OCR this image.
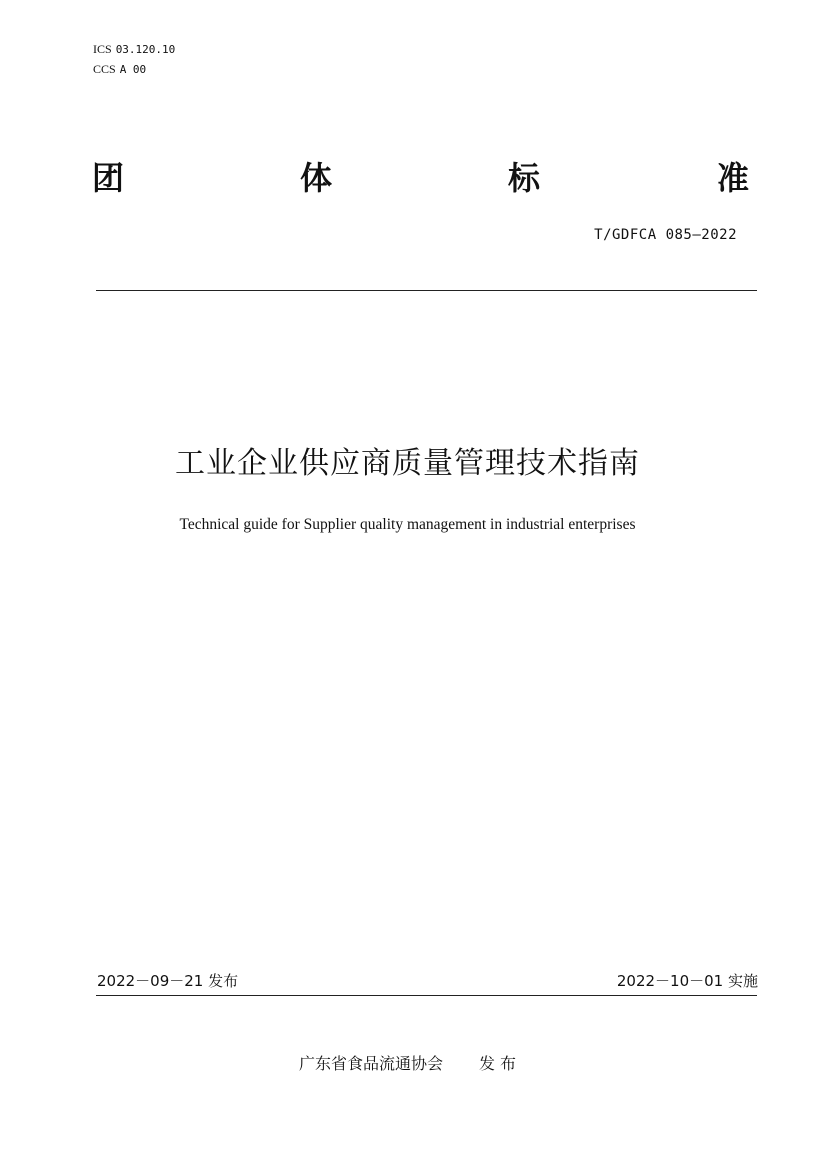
ICS 03.120.10
CCS A 00
团	体	标	准
T/GDFCA 085—2022
工业企业供应商质量管理技术指南
Technical guide for Supplier quality management in industrial enterprises
2022－09－21 发布	2022－10－01 实施
广东省食品流通协会 发 布
